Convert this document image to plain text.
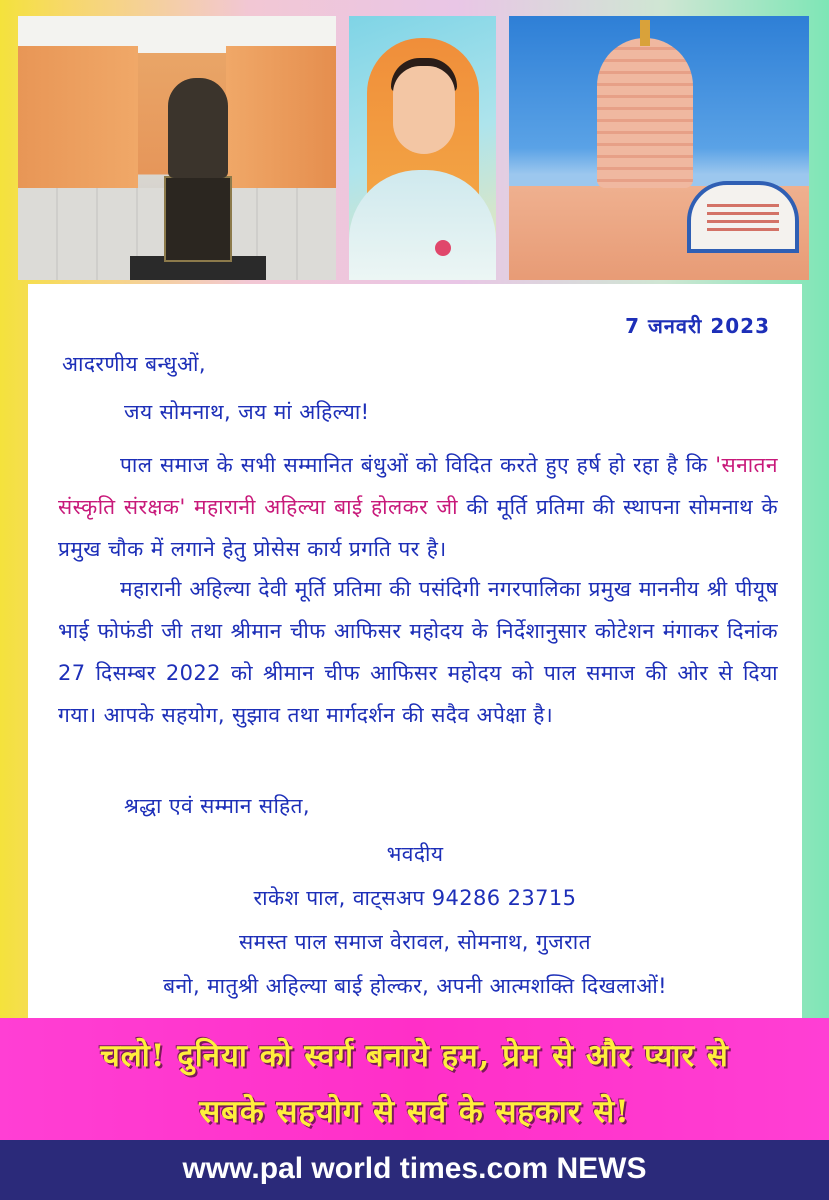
7 जनवरी 2023
आदरणीय बन्धुओं,
जय सोमनाथ, जय मां अहिल्या!
पाल समाज के सभी सम्मानित बंधुओं को विदित करते हुए हर्ष हो रहा है कि 'सनातन संस्कृति संरक्षक' महारानी अहिल्या बाई होलकर जी की मूर्ति प्रतिमा की स्थापना सोमनाथ के प्रमुख चौक में लगाने हेतु प्रोसेस कार्य प्रगति पर है।
महारानी अहिल्या देवी मूर्ति प्रतिमा की पसंदिगी नगरपालिका प्रमुख माननीय श्री पीयूष भाई फोफंडी जी तथा श्रीमान चीफ आफिसर महोदय के निर्देशानुसार कोटेशन मंगाकर दिनांक 27 दिसम्बर 2022 को श्रीमान चीफ आफिसर महोदय को पाल समाज की ओर से दिया गया। आपके सहयोग, सुझाव तथा मार्गदर्शन की सदैव अपेक्षा है।
श्रद्धा एवं सम्मान सहित,
भवदीय
राकेश पाल, वाट्सअप 94286 23715
समस्त पाल समाज वेरावल, सोमनाथ, गुजरात
बनो, मातुश्री अहिल्या बाई होल्कर, अपनी आत्मशक्ति दिखलाओं!
चलो! दुनिया को स्वर्ग बनाये हम, प्रेम से और प्यार से
सबके सहयोग से सर्व के सहकार से!
www.pal world times.com NEWS
